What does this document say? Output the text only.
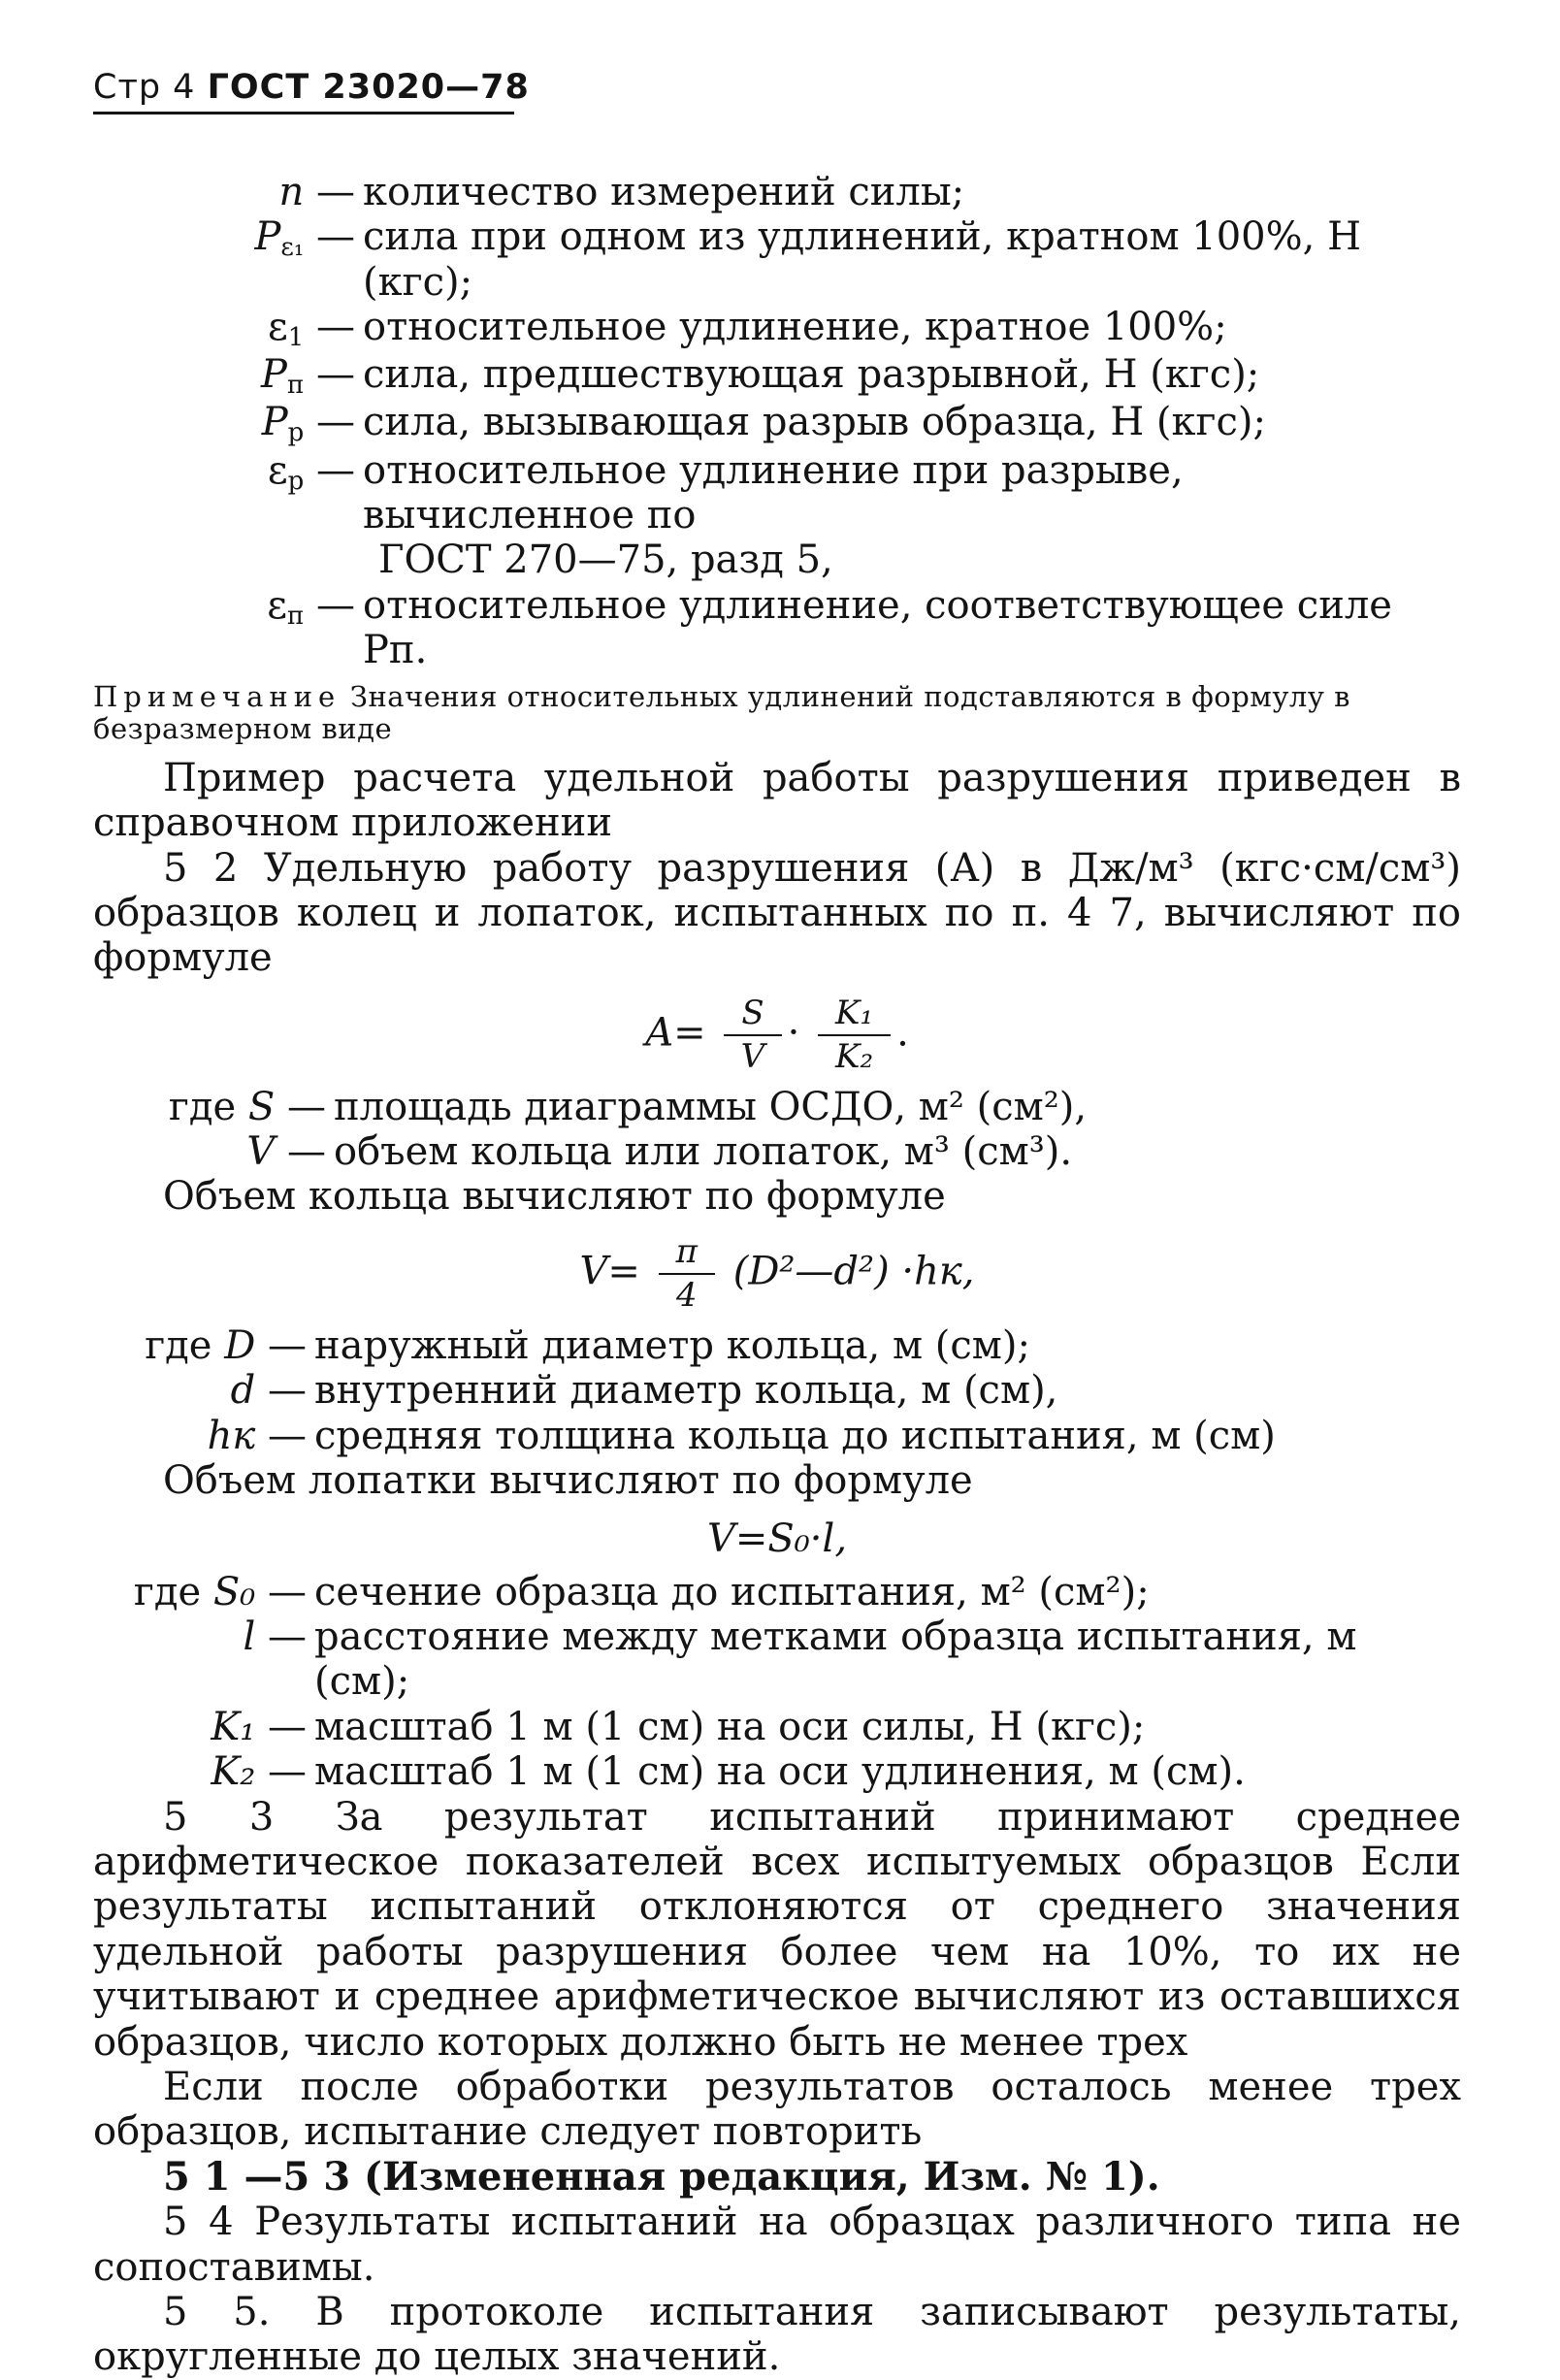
Стр 4 ГОСТ 23020—78
n — количество измерений силы;
$P_{\varepsilon_1}$ — сила при одном из удлинений, кратном 100%, Н (кгс);
$\varepsilon_1$ — относительное удлинение, кратное 100%;
$P_п$ — сила, предшествующая разрывной, Н (кгс);
$P_р$ — сила, вызывающая разрыв образца, Н (кгс);
$\varepsilon_р$ — относительное удлинение при разрыве, вычисленное по
ГОСТ 270—75, разд 5,
$\varepsilon_п$ — относительное удлинение, соответствующее силе Pп.
Примечание Значения относительных удлинений подставляются в формулу в безразмерном виде
Пример расчета удельной работы разрушения приведен в справочном приложении
5 2 Удельную работу разрушения (А) в Дж/м³ (кгс·см/см³) образцов колец и лопаток, испытанных по п. 4 7, вычисляют по формуле
$A= \frac{S}{V} \cdot \frac{\text{K₁}}{\text{K₂}}$ .
где S — площадь диаграммы ОСДО, м² (см²),
V — объем кольца или лопаток, м³ (см³).
Объем кольца вычисляют по формуле
$V= \frac{\pi}{4}$ (D²—d²) ·hк,
где D — наружный диаметр кольца, м (см);
d — внутренний диаметр кольца, м (см),
hк — средняя толщина кольца до испытания, м (см)
Объем лопатки вычисляют по формуле
V=S₀·l,
где S₀ — сечение образца до испытания, м² (см²);
l — расстояние между метками образца испытания, м (см);
K₁ — масштаб 1 м (1 см) на оси силы, Н (кгс);
K₂ — масштаб 1 м (1 см) на оси удлинения, м (см).
5 3 За результат испытаний принимают среднее арифметическое показателей всех испытуемых образцов Если результаты испытаний отклоняются от среднего значения удельной работы разрушения более чем на 10%, то их не учитывают и среднее арифметическое вычисляют из оставшихся образцов, число которых должно быть не менее трех
Если после обработки результатов осталось менее трех образцов, испытание следует повторить
5 1 —5 3 (Измененная редакция, Изм. № 1).
5 4 Результаты испытаний на образцах различного типа не сопоставимы.
5 5. В протоколе испытания записывают результаты, округленные до целых значений.
